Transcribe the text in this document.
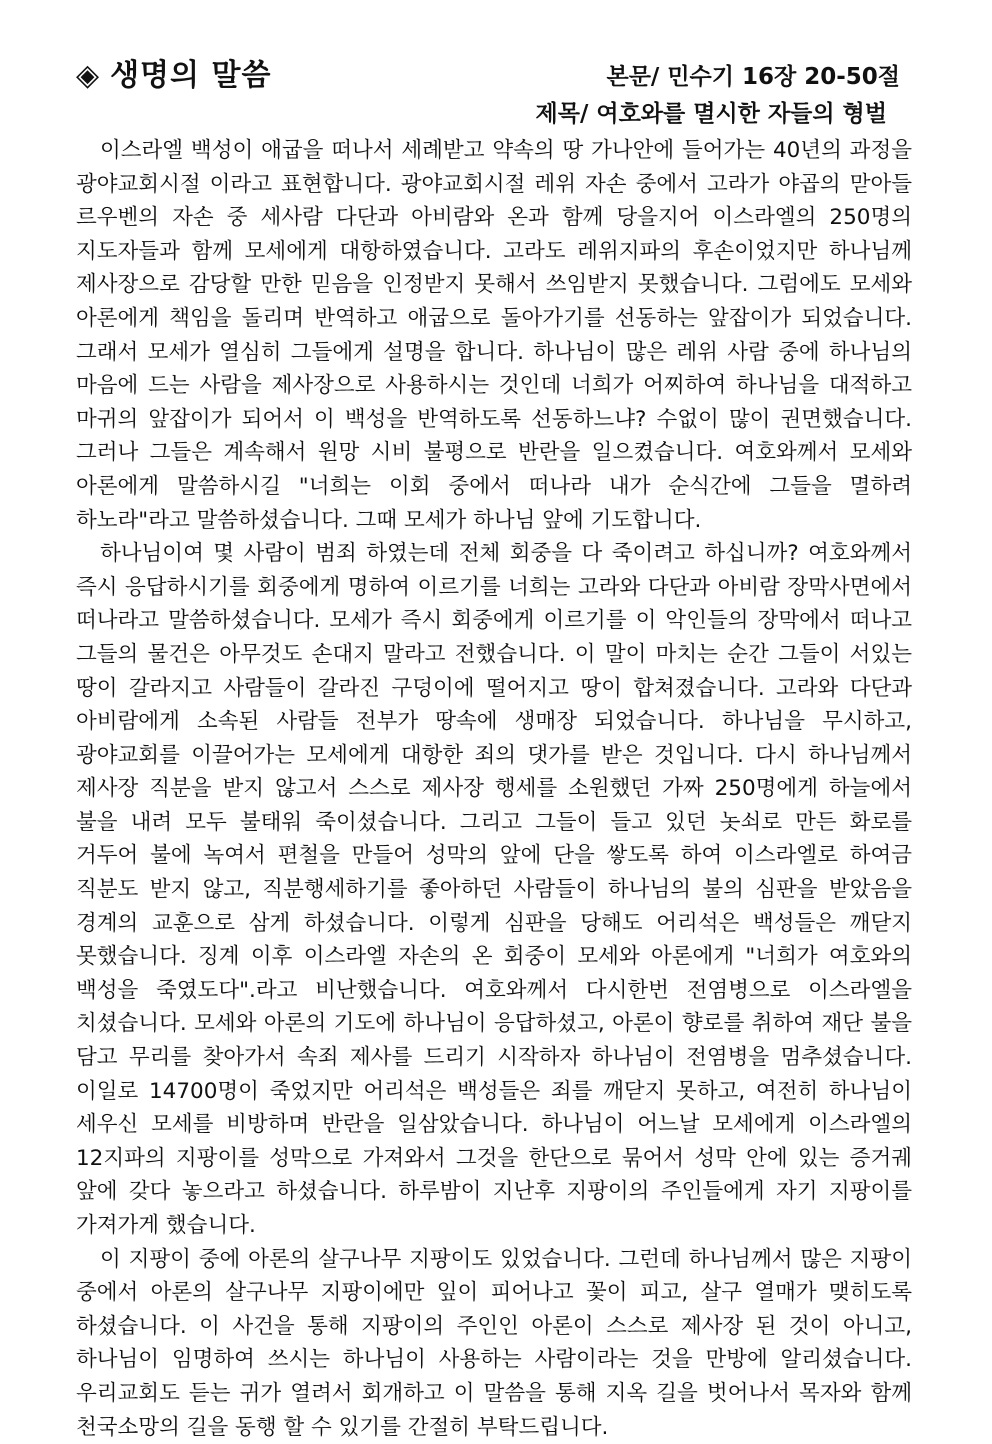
◈ 생명의 말씀	본문/ 민수기 16장 20-50절
제목/ 여호와를 멸시한 자들의 형벌

이스라엘 백성이 애굽을 떠나서 세례받고 약속의 땅 가나안에 들어가는 40년의 과정을 광야교회시절 이라고 표현합니다. 광야교회시절 레위 자손 중에서 고라가 야곱의 맏아들 르우벤의 자손 중 세사람 다단과 아비람와 온과 함께 당을지어 이스라엘의 250명의 지도자들과 함께 모세에게 대항하였습니다. 고라도 레위지파의 후손이었지만 하나님께 제사장으로 감당할 만한 믿음을 인정받지 못해서 쓰임받지 못했습니다. 그럼에도 모세와 아론에게 책임을 돌리며 반역하고 애굽으로 돌아가기를 선동하는 앞잡이가 되었습니다. 그래서 모세가 열심히 그들에게 설명을 합니다. 하나님이 많은 레위 사람 중에 하나님의 마음에 드는 사람을 제사장으로 사용하시는 것인데 너희가 어찌하여 하나님을 대적하고 마귀의 앞잡이가 되어서 이 백성을 반역하도록 선동하느냐? 수없이 많이 권면했습니다. 그러나 그들은 계속해서 원망 시비 불평으로 반란을 일으켰습니다. 여호와께서 모세와 아론에게 말씀하시길 "너희는 이회 중에서 떠나라 내가 순식간에 그들을 멸하려 하노라"라고 말씀하셨습니다. 그때 모세가 하나님 앞에 기도합니다.

하나님이여 몇 사람이 범죄 하였는데 전체 회중을 다 죽이려고 하십니까? 여호와께서 즉시 응답하시기를 회중에게 명하여 이르기를 너희는 고라와 다단과 아비람 장막사면에서 떠나라고 말씀하셨습니다. 모세가 즉시 회중에게 이르기를 이 악인들의 장막에서 떠나고 그들의 물건은 아무것도 손대지 말라고 전했습니다. 이 말이 마치는 순간 그들이 서있는 땅이 갈라지고 사람들이 갈라진 구덩이에 떨어지고 땅이 합쳐졌습니다. 고라와 다단과 아비람에게 소속된 사람들 전부가 땅속에 생매장 되었습니다. 하나님을 무시하고, 광야교회를 이끌어가는 모세에게 대항한 죄의 댓가를 받은 것입니다. 다시 하나님께서 제사장 직분을 받지 않고서 스스로 제사장 행세를 소원했던 가짜 250명에게 하늘에서 불을 내려 모두 불태워 죽이셨습니다. 그리고 그들이 들고 있던 놋쇠로 만든 화로를 거두어 불에 녹여서 편철을 만들어 성막의 앞에 단을 쌓도록 하여 이스라엘로 하여금 직분도 받지 않고, 직분행세하기를 좋아하던 사람들이 하나님의 불의 심판을 받았음을 경계의 교훈으로 삼게 하셨습니다. 이렇게 심판을 당해도 어리석은 백성들은 깨닫지 못했습니다. 징계 이후 이스라엘 자손의 온 회중이 모세와 아론에게 "너희가 여호와의 백성을 죽였도다".라고 비난했습니다. 여호와께서 다시한번 전염병으로 이스라엘을 치셨습니다. 모세와 아론의 기도에 하나님이 응답하셨고, 아론이 향로를 취하여 재단 불을 담고 무리를 찾아가서 속죄 제사를 드리기 시작하자 하나님이 전염병을 멈추셨습니다. 이일로 14700명이 죽었지만 어리석은 백성들은 죄를 깨닫지 못하고, 여전히 하나님이 세우신 모세를 비방하며 반란을 일삼았습니다. 하나님이 어느날 모세에게 이스라엘의 12지파의 지팡이를 성막으로 가져와서 그것을 한단으로 묶어서 성막 안에 있는 증거궤 앞에 갖다 놓으라고 하셨습니다. 하루밤이 지난후 지팡이의 주인들에게 자기 지팡이를 가져가게 했습니다.

이 지팡이 중에 아론의 살구나무 지팡이도 있었습니다. 그런데 하나님께서 많은 지팡이 중에서 아론의 살구나무 지팡이에만 잎이 피어나고 꽃이 피고, 살구 열매가 맺히도록 하셨습니다. 이 사건을 통해 지팡이의 주인인 아론이 스스로 제사장 된 것이 아니고, 하나님이 임명하여 쓰시는 하나님이 사용하는 사람이라는 것을 만방에 알리셨습니다. 우리교회도 듣는 귀가 열려서 회개하고 이 말씀을 통해 지옥 길을 벗어나서 목자와 함께 천국소망의 길을 동행 할 수 있기를 간절히 부탁드립니다.
